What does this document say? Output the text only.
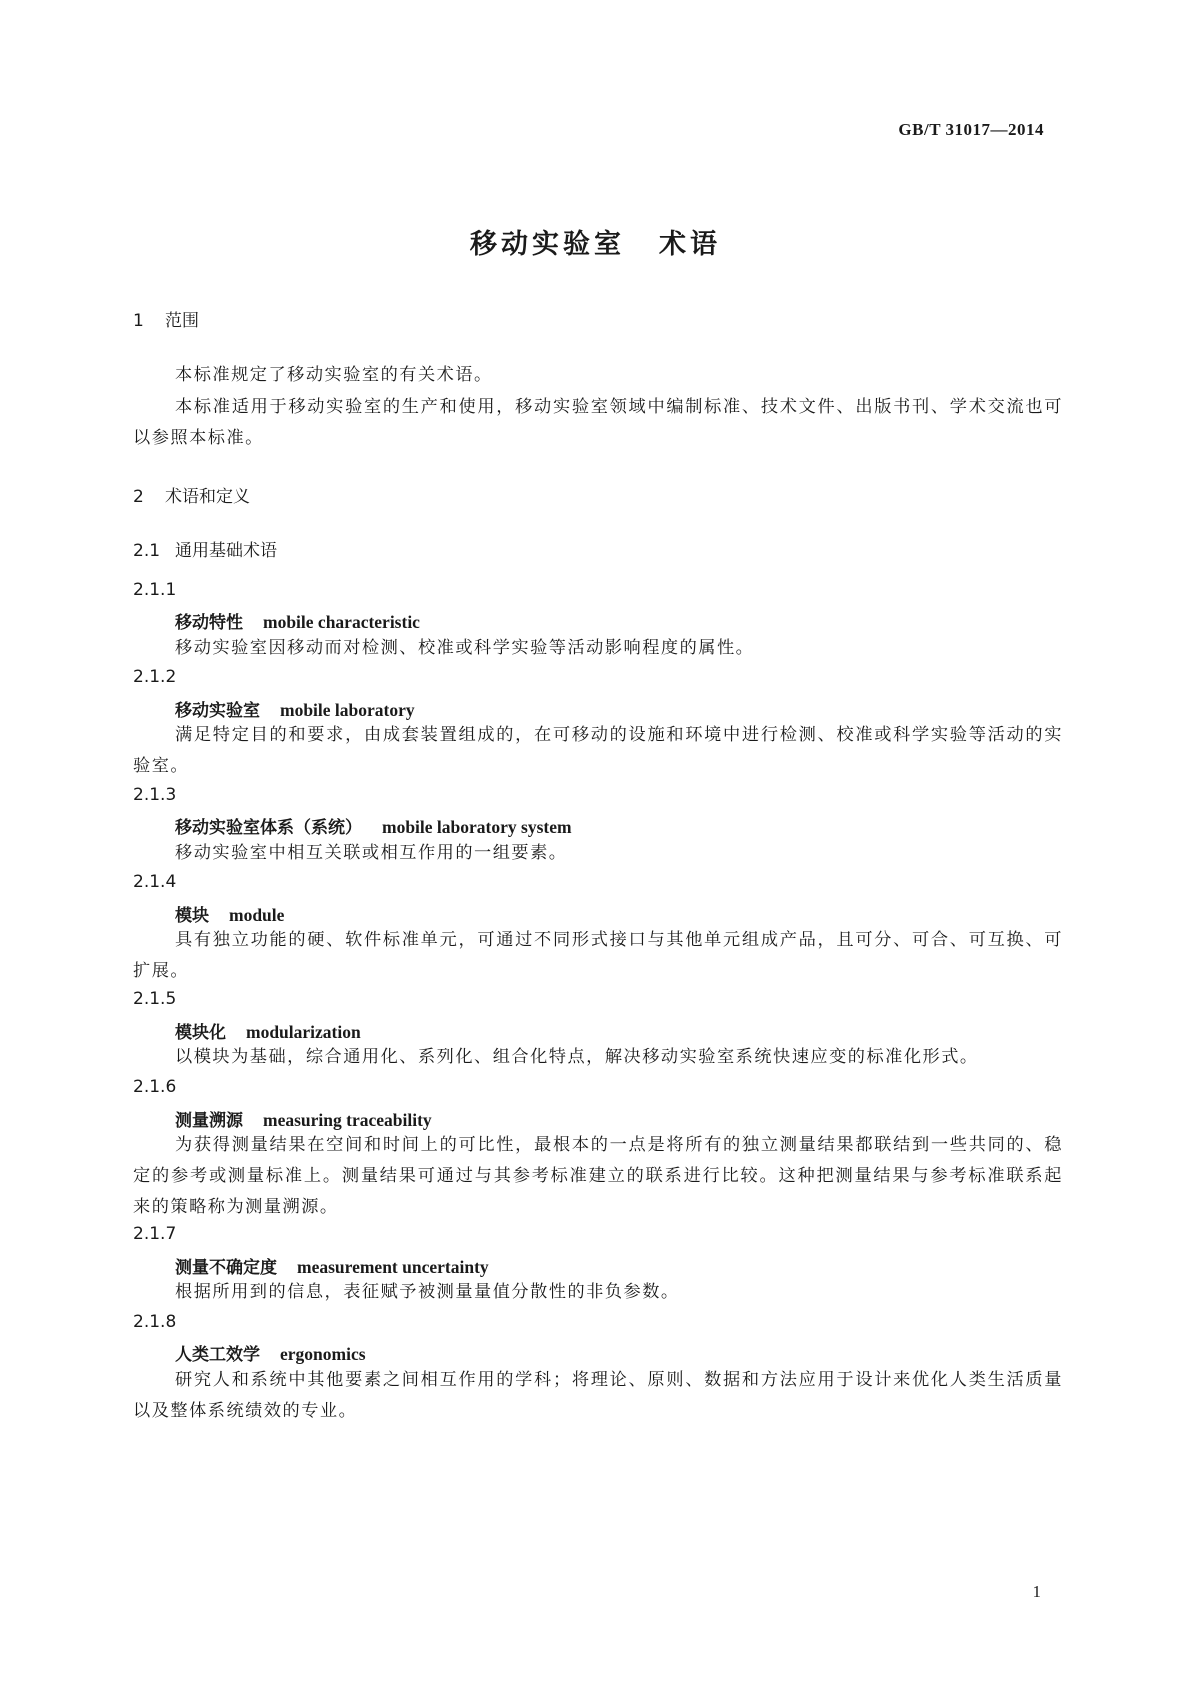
GB/T 31017—2014
移动实验室 术语
1 范围
本标准规定了移动实验室的有关术语。
本标准适用于移动实验室的生产和使用，移动实验室领域中编制标准、技术文件、出版书刊、学术交流也可以参照本标准。
2 术语和定义
2.1 通用基础术语
2.1.1
移动特性 mobile characteristic
移动实验室因移动而对检测、校准或科学实验等活动影响程度的属性。
2.1.2
移动实验室 mobile laboratory
满足特定目的和要求，由成套装置组成的，在可移动的设施和环境中进行检测、校准或科学实验等活动的实验室。
2.1.3
移动实验室体系（系统） mobile laboratory system
移动实验室中相互关联或相互作用的一组要素。
2.1.4
模块 module
具有独立功能的硬、软件标准单元，可通过不同形式接口与其他单元组成产品，且可分、可合、可互换、可扩展。
2.1.5
模块化 modularization
以模块为基础，综合通用化、系列化、组合化特点，解决移动实验室系统快速应变的标准化形式。
2.1.6
测量溯源 measuring traceability
为获得测量结果在空间和时间上的可比性，最根本的一点是将所有的独立测量结果都联结到一些共同的、稳定的参考或测量标准上。测量结果可通过与其参考标准建立的联系进行比较。这种把测量结果与参考标准联系起来的策略称为测量溯源。
2.1.7
测量不确定度 measurement uncertainty
根据所用到的信息，表征赋予被测量量值分散性的非负参数。
2.1.8
人类工效学 ergonomics
研究人和系统中其他要素之间相互作用的学科；将理论、原则、数据和方法应用于设计来优化人类生活质量以及整体系统绩效的专业。
1
